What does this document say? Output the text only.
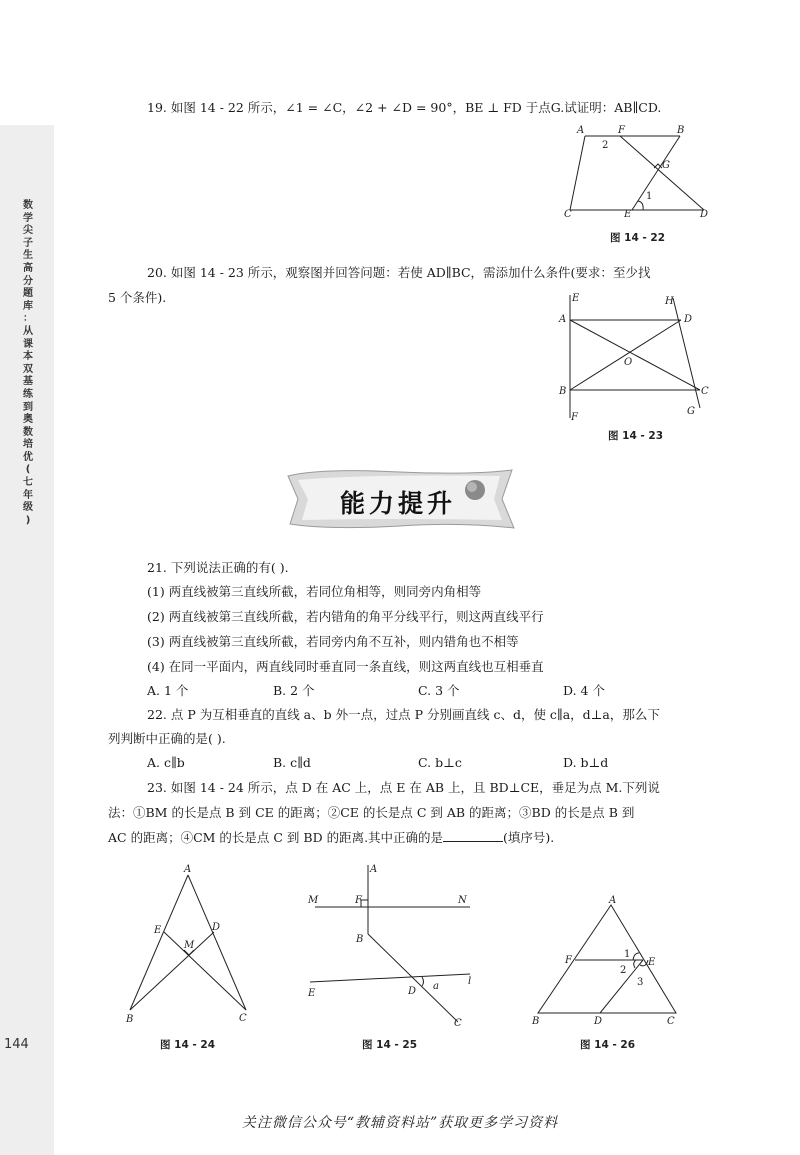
数
学
尖
子
生
高
分
题
库
：
从
课
本
双
基
练
到
奥
数
培
优
(
七
年
级
)
144
19. 如图 14 - 22 所示，∠1 = ∠C，∠2 + ∠D = 90°，BE ⊥ FD 于点G.试证明：AB∥CD.
A	F	B
2
G
1
C	E	D
图 14 - 22
20. 如图 14 - 23 所示，观察图并回答问题：若使 AD∥BC，需添加什么条件(要求：至少找
5 个条件).	E	H
A	D
O
B	C
F
G
图 14 - 23
能力提升
21. 下列说法正确的有( ).
(1) 两直线被第三直线所截，若同位角相等，则同旁内角相等
(2) 两直线被第三直线所截，若内错角的角平分线平行，则这两直线平行
(3) 两直线被第三直线所截，若同旁内角不互补，则内错角也不相等
(4) 在同一平面内，两直线同时垂直同一条直线，则这两直线也互相垂直
A. 1 个	B. 2 个	C. 3 个	D. 4 个
22. 点 P 为互相垂直的直线 a、b 外一点，过点 P 分别画直线 c、d，使 c∥a，d⊥a，那么下
列判断中正确的是( ).
A. c∥b	B. c∥d	C. b⊥c	D. b⊥d
23. 如图 14 - 24 所示，点 D 在 AC 上，点 E 在 AB 上，且 BD⊥CE，垂足为点 M.下列说
法：①BM 的长是点 B 到 CE 的距离；②CE 的长是点 C 到 AB 的距离；③BD 的长是点 B 到
AC 的距离；④CM 的长是点 C 到 BD 的距离.其中正确的是	(填序号).
A
E	D
M
B	C
图 14 - 24
A
M	F	N
B
E	D a	l
C
图 14 - 25
A
F
1
E
2
3
B	D	C
图 14 - 26
关注微信公众号“教辅资料站”获取更多学习资料
